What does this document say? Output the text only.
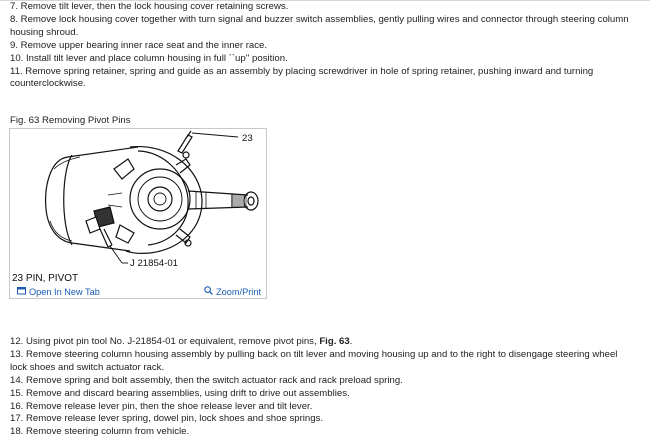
7. Remove tilt lever, then the lock housing cover retaining screws.

8. Remove lock housing cover together with turn signal and buzzer switch assemblies, gently pulling wires and connector through steering column housing shroud.

9. Remove upper bearing inner race seat and the inner race.

10. Install tilt lever and place column housing in full ``up'' position.

11. Remove spring retainer, spring and guide as an assembly by placing screwdriver in hole of spring retainer, pushing inward and turning counterclockwise.

Fig. 63 Removing Pivot Pins
23
J 21854-01
23 PIN, PIVOT
Open In New Tab	Zoom/Print

12. Using pivot pin tool No. J-21854-01 or equivalent, remove pivot pins, Fig. 63.

13. Remove steering column housing assembly by pulling back on tilt lever and moving housing up and to the right to disengage steering wheel lock shoes and switch actuator rack.

14. Remove spring and bolt assembly, then the switch actuator rack and rack preload spring.

15. Remove and discard bearing assemblies, using drift to drive out assemblies.

16. Remove release lever pin, then the shoe release lever and tilt lever.

17. Remove release lever spring, dowel pin, lock shoes and shoe springs.

18. Remove steering column from vehicle.
